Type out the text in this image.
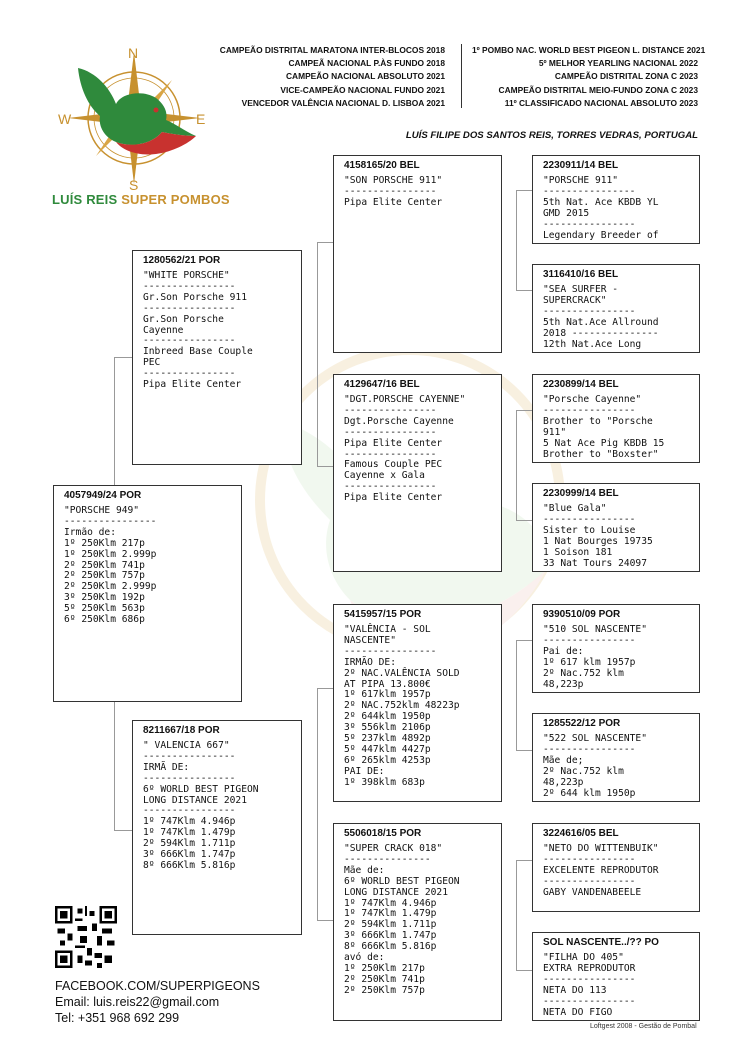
N
S
W	E
LUÍS REIS SUPER POMBOS
CAMPEÃO DISTRITAL MARATONA INTER-BLOCOS 2018
CAMPEÃ NACIONAL P.ÀS FUNDO 2018
CAMPEÃO NACIONAL ABSOLUTO 2021
VICE-CAMPEÃO NACIONAL FUNDO 2021
VENCEDOR VALÊNCIA NACIONAL D. LISBOA 2021
1º POMBO NAC. WORLD BEST PIGEON L. DISTANCE 2021
5º MELHOR YEARLING NACIONAL 2022
CAMPEÃO DISTRITAL ZONA C 2023
CAMPEÃO DISTRITAL MEIO-FUNDO ZONA C 2023
11º CLASSIFICADO NACIONAL ABSOLUTO 2023
LUÍS FILIPE DOS SANTOS REIS, TORRES VEDRAS, PORTUGAL
4057949/24 POR
"PORSCHE 949"
----------------
Irmão de:
1º 250Klm 217p
1º 250Klm 2.999p
2º 250Klm 741p
2º 250Klm 757p
2º 250Klm 2.999p
3º 250Klm 192p
5º 250Klm 563p
6º 250Klm 686p
1280562/21 POR
"WHITE PORSCHE"
----------------
Gr.Son Porsche 911
----------------
Gr.Son Porsche
Cayenne
----------------
Inbreed Base Couple
PEC
----------------
Pipa Elite Center
8211667/18 POR
" VALENCIA 667"
----------------
IRMÃ DE:
----------------
6º WORLD BEST PIGEON
LONG DISTANCE 2021
----------------
1º 747Klm 4.946p
1º 747Klm 1.479p
2º 594Klm 1.711p
3º 666Klm 1.747p
8º 666Klm 5.816p
4158165/20 BEL
"SON PORSCHE 911"
----------------
Pipa Elite Center
4129647/16 BEL
"DGT.PORSCHE CAYENNE"
----------------
Dgt.Porsche Cayenne
----------------
Pipa Elite Center
----------------
Famous Couple PEC
Cayenne x Gala
----------------
Pipa Elite Center
5415957/15 POR
"VALÊNCIA - SOL
NASCENTE"
----------------
IRMÃO DE:
2º NAC.VALÊNCIA SOLD
AT PIPA 13.800€
1º 617klm 1957p
2º NAC.752klm 48223p
2º 644klm 1950p
3º 556klm 2106p
5º 237klm 4892p
5º 447klm 4427p
6º 265klm 4253p
PAI DE:
1º 398klm 683p
5506018/15 POR
"SUPER CRACK 018"
---------------
Mãe de:
6º WORLD BEST PIGEON
LONG DISTANCE 2021
1º 747Klm 4.946p
1º 747Klm 1.479p
2º 594Klm 1.711p
3º 666Klm 1.747p
8º 666Klm 5.816p
avó de:
1º 250Klm 217p
2º 250Klm 741p
2º 250Klm 757p
2230911/14 BEL
"PORSCHE 911"
----------------
5th Nat. Ace KBDB YL
GMD 2015
----------------
Legendary Breeder of
3116410/16 BEL
"SEA SURFER -
SUPERCRACK"
----------------
5th Nat.Ace Allround
2018 ---------------
12th Nat.Ace Long
2230899/14 BEL
"Porsche Cayenne"
----------------
Brother to "Porsche
911"
5 Nat Ace Pig KBDB 15
Brother to "Boxster"
2230999/14 BEL
"Blue Gala"
----------------
Sister to Louise
1 Nat Bourges 19735
1 Soison 181
33 Nat Tours 24097
9390510/09 POR
"510 SOL NASCENTE"
----------------
Pai de:
1º 617 klm 1957p
2º Nac.752 klm
48,223p
1285522/12 POR
"522 SOL NASCENTE"
----------------
Mãe de;
2º Nac.752 klm
48,223p
2º 644 klm 1950p
3224616/05 BEL
"NETO DO WITTENBUIK"
----------------
EXCELENTE REPRODUTOR
----------------
GABY VANDENABEELE
SOL NASCENTE../?? PO
"FILHA DO 405"
EXTRA REPRODUTOR
----------------
NETA DO 113
----------------
NETA DO FIGO
FACEBOOK.COM/SUPERPIGEONS
Email: luis.reis22@gmail.com
Tel: +351 968 692 299
Loftgest 2008 - Gestão de Pombal
